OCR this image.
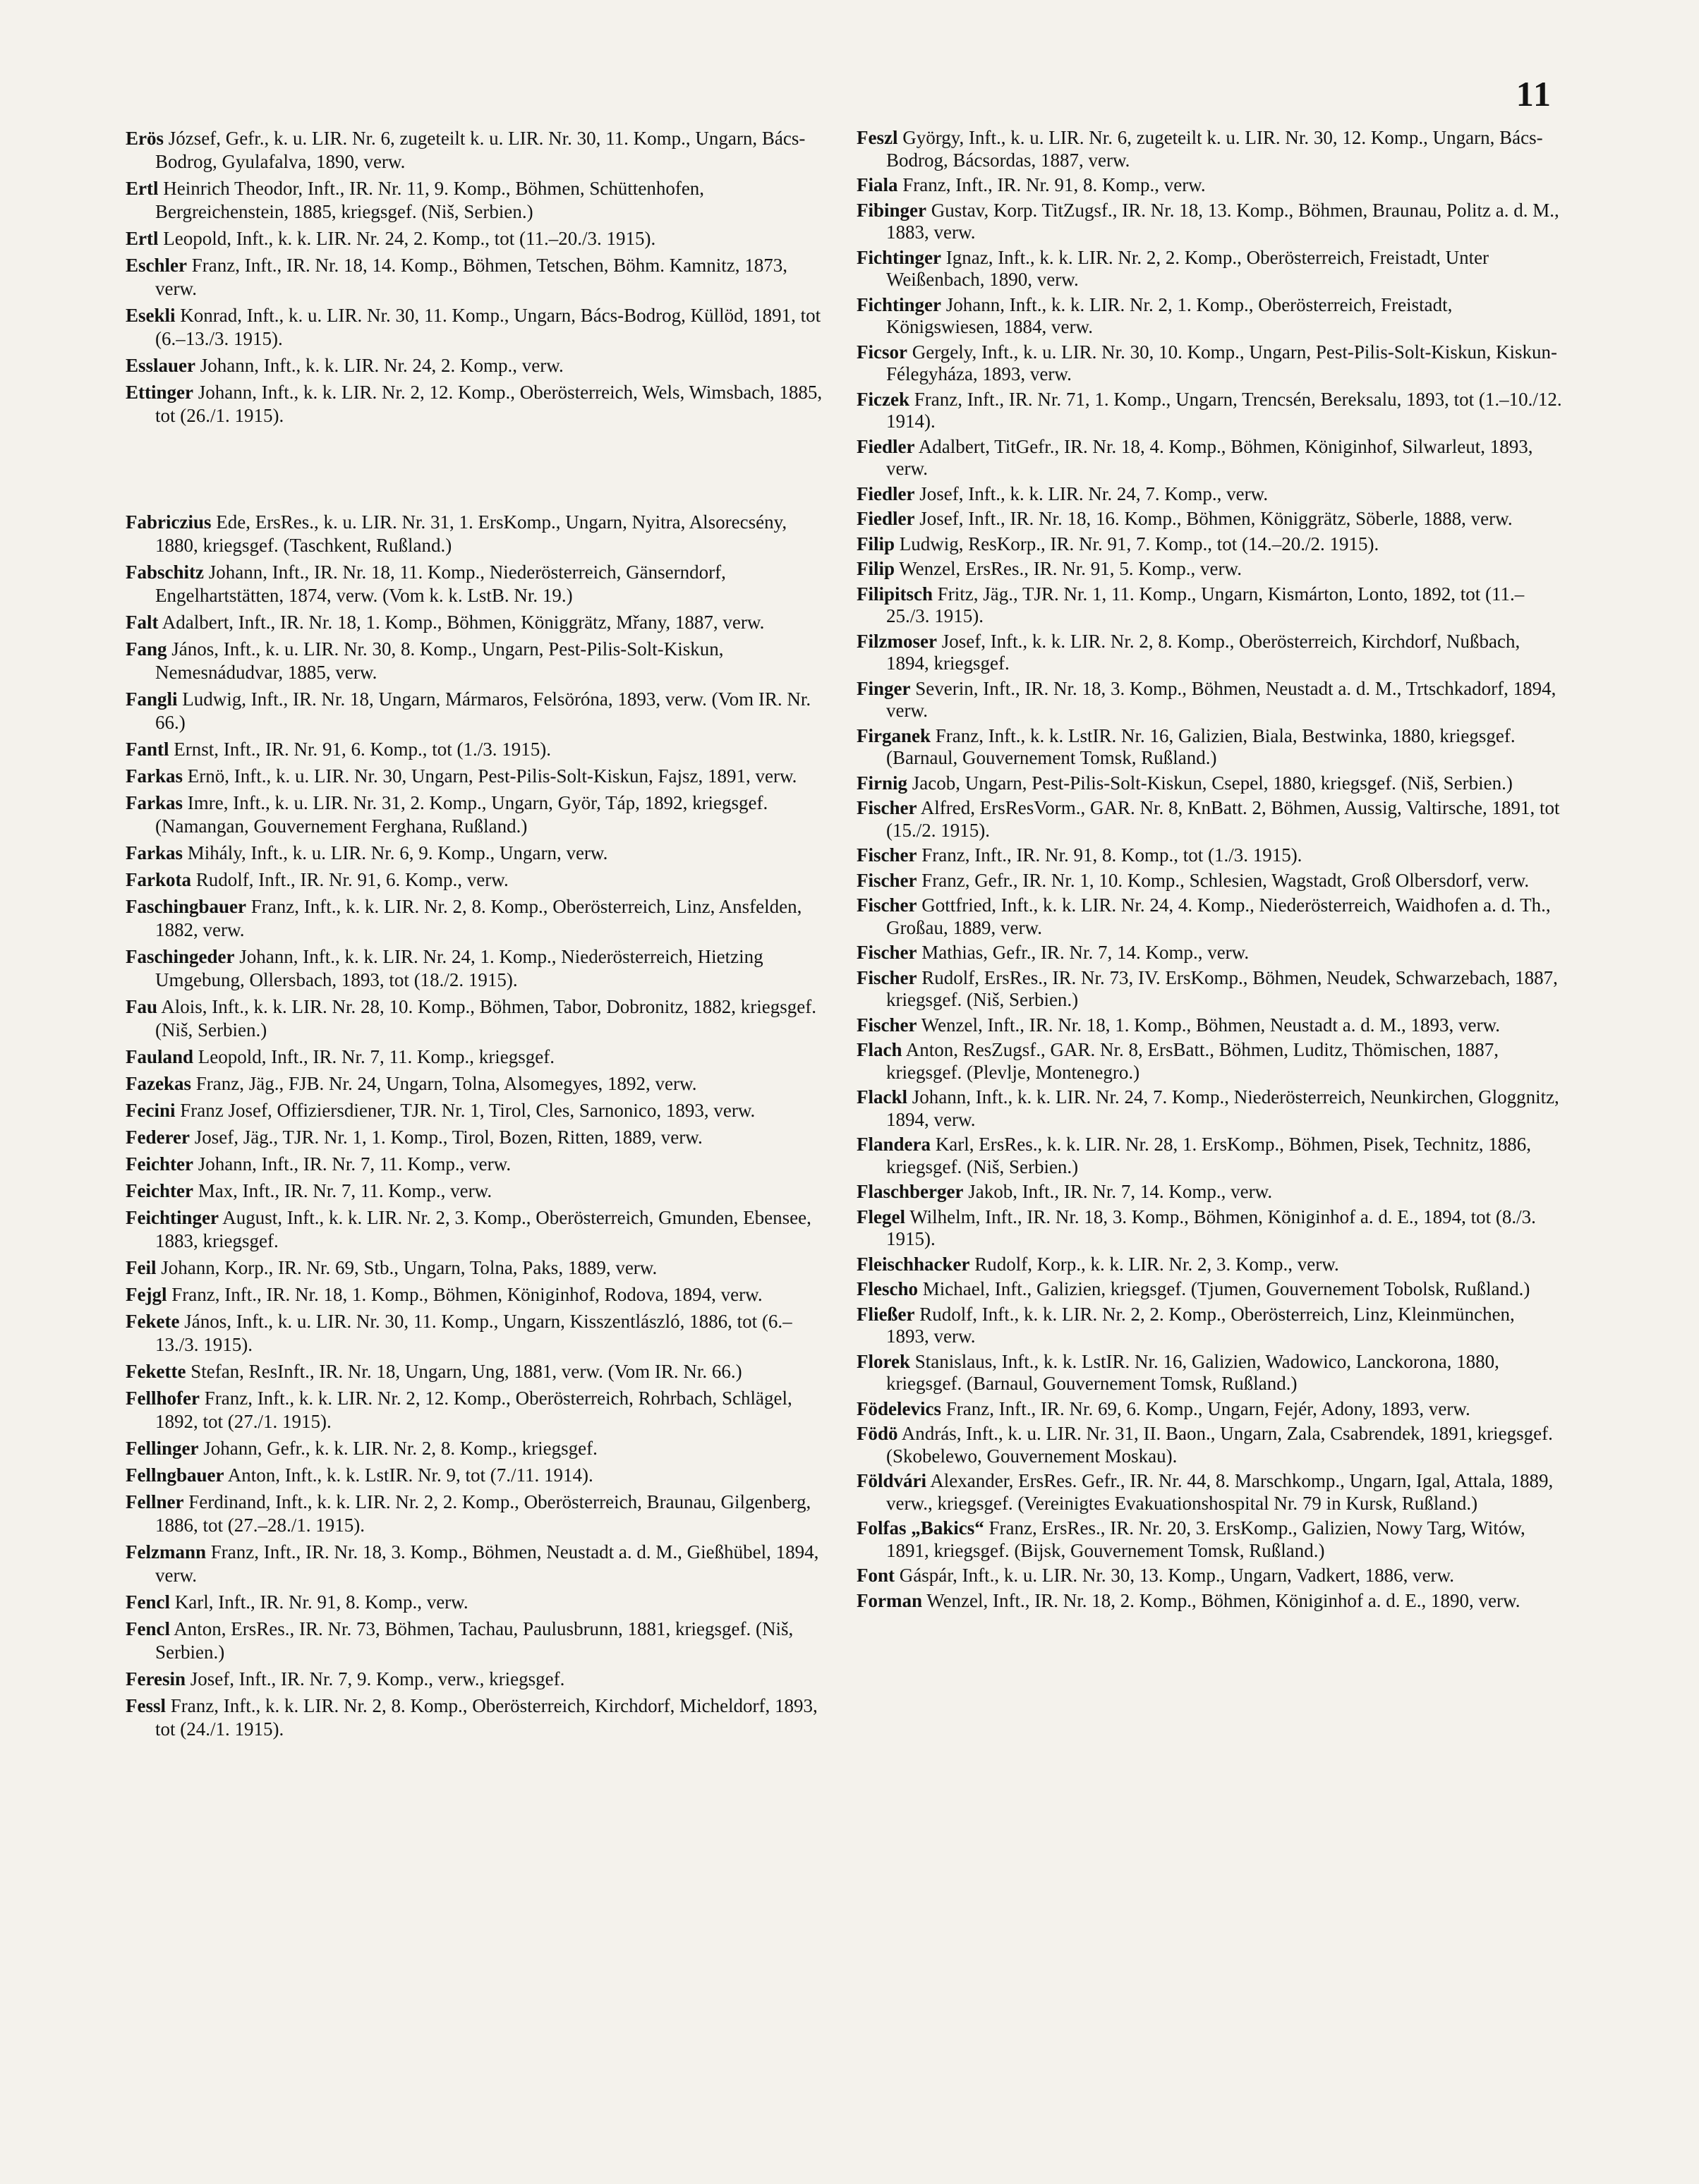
11

Erös József, Gefr., k. u. LIR. Nr. 6, zugeteilt k. u. LIR. Nr. 30, 11. Komp., Ungarn, Bács-Bodrog, Gyulafalva, 1890, verw.

Ertl Heinrich Theodor, Inft., IR. Nr. 11, 9. Komp., Böhmen, Schüttenhofen, Bergreichenstein, 1885, kriegsgef. (Niš, Serbien.)

Ertl Leopold, Inft., k. k. LIR. Nr. 24, 2. Komp., tot (11.–20./3. 1915).

Eschler Franz, Inft., IR. Nr. 18, 14. Komp., Böhmen, Tetschen, Böhm. Kamnitz, 1873, verw.

Esekli Konrad, Inft., k. u. LIR. Nr. 30, 11. Komp., Ungarn, Bács-Bodrog, Küllöd, 1891, tot (6.–13./3. 1915).

Esslauer Johann, Inft., k. k. LIR. Nr. 24, 2. Komp., verw.

Ettinger Johann, Inft., k. k. LIR. Nr. 2, 12. Komp., Oberösterreich, Wels, Wimsbach, 1885, tot (26./1. 1915).

Fabriczius Ede, ErsRes., k. u. LIR. Nr. 31, 1. ErsKomp., Ungarn, Nyitra, Alsorecsény, 1880, kriegsgef. (Taschkent, Rußland.)

Fabschitz Johann, Inft., IR. Nr. 18, 11. Komp., Niederösterreich, Gänserndorf, Engelhartstätten, 1874, verw. (Vom k. k. LstB. Nr. 19.)

Falt Adalbert, Inft., IR. Nr. 18, 1. Komp., Böhmen, Königgrätz, Mřany, 1887, verw.

Fang János, Inft., k. u. LIR. Nr. 30, 8. Komp., Ungarn, Pest-Pilis-Solt-Kiskun, Nemesnádudvar, 1885, verw.

Fangli Ludwig, Inft., IR. Nr. 18, Ungarn, Mármaros, Felsöróna, 1893, verw. (Vom IR. Nr. 66.)

Fantl Ernst, Inft., IR. Nr. 91, 6. Komp., tot (1./3. 1915).

Farkas Ernö, Inft., k. u. LIR. Nr. 30, Ungarn, Pest-Pilis-Solt-Kiskun, Fajsz, 1891, verw.

Farkas Imre, Inft., k. u. LIR. Nr. 31, 2. Komp., Ungarn, Györ, Táp, 1892, kriegsgef. (Namangan, Gouvernement Ferghana, Rußland.)

Farkas Mihály, Inft., k. u. LIR. Nr. 6, 9. Komp., Ungarn, verw.

Farkota Rudolf, Inft., IR. Nr. 91, 6. Komp., verw.

Faschingbauer Franz, Inft., k. k. LIR. Nr. 2, 8. Komp., Oberösterreich, Linz, Ansfelden, 1882, verw.

Faschingeder Johann, Inft., k. k. LIR. Nr. 24, 1. Komp., Niederösterreich, Hietzing Umgebung, Ollersbach, 1893, tot (18./2. 1915).

Fau Alois, Inft., k. k. LIR. Nr. 28, 10. Komp., Böhmen, Tabor, Dobronitz, 1882, kriegsgef. (Niš, Serbien.)

Fauland Leopold, Inft., IR. Nr. 7, 11. Komp., kriegsgef.

Fazekas Franz, Jäg., FJB. Nr. 24, Ungarn, Tolna, Alsomegyes, 1892, verw.

Fecini Franz Josef, Offiziersdiener, TJR. Nr. 1, Tirol, Cles, Sarnonico, 1893, verw.

Federer Josef, Jäg., TJR. Nr. 1, 1. Komp., Tirol, Bozen, Ritten, 1889, verw.

Feichter Johann, Inft., IR. Nr. 7, 11. Komp., verw.

Feichter Max, Inft., IR. Nr. 7, 11. Komp., verw.

Feichtinger August, Inft., k. k. LIR. Nr. 2, 3. Komp., Oberösterreich, Gmunden, Ebensee, 1883, kriegsgef.

Feil Johann, Korp., IR. Nr. 69, Stb., Ungarn, Tolna, Paks, 1889, verw.

Fejgl Franz, Inft., IR. Nr. 18, 1. Komp., Böhmen, Königinhof, Rodova, 1894, verw.

Fekete János, Inft., k. u. LIR. Nr. 30, 11. Komp., Ungarn, Kisszentlászló, 1886, tot (6.–13./3. 1915).

Fekette Stefan, ResInft., IR. Nr. 18, Ungarn, Ung, 1881, verw. (Vom IR. Nr. 66.)

Fellhofer Franz, Inft., k. k. LIR. Nr. 2, 12. Komp., Oberösterreich, Rohrbach, Schlägel, 1892, tot (27./1. 1915).

Fellinger Johann, Gefr., k. k. LIR. Nr. 2, 8. Komp., kriegsgef.

Fellngbauer Anton, Inft., k. k. LstIR. Nr. 9, tot (7./11. 1914).

Fellner Ferdinand, Inft., k. k. LIR. Nr. 2, 2. Komp., Oberösterreich, Braunau, Gilgenberg, 1886, tot (27.–28./1. 1915).

Felzmann Franz, Inft., IR. Nr. 18, 3. Komp., Böhmen, Neustadt a. d. M., Gießhübel, 1894, verw.

Fencl Karl, Inft., IR. Nr. 91, 8. Komp., verw.

Fencl Anton, ErsRes., IR. Nr. 73, Böhmen, Tachau, Paulusbrunn, 1881, kriegsgef. (Niš, Serbien.)

Feresin Josef, Inft., IR. Nr. 7, 9. Komp., verw., kriegsgef.

Fessl Franz, Inft., k. k. LIR. Nr. 2, 8. Komp., Oberösterreich, Kirchdorf, Micheldorf, 1893, tot (24./1. 1915).

Feszl György, Inft., k. u. LIR. Nr. 6, zugeteilt k. u. LIR. Nr. 30, 12. Komp., Ungarn, Bács-Bodrog, Bácsordas, 1887, verw.

Fiala Franz, Inft., IR. Nr. 91, 8. Komp., verw.

Fibinger Gustav, Korp. TitZugsf., IR. Nr. 18, 13. Komp., Böhmen, Braunau, Politz a. d. M., 1883, verw.

Fichtinger Ignaz, Inft., k. k. LIR. Nr. 2, 2. Komp., Oberösterreich, Freistadt, Unter Weißenbach, 1890, verw.

Fichtinger Johann, Inft., k. k. LIR. Nr. 2, 1. Komp., Oberösterreich, Freistadt, Königswiesen, 1884, verw.

Ficsor Gergely, Inft., k. u. LIR. Nr. 30, 10. Komp., Ungarn, Pest-Pilis-Solt-Kiskun, Kiskun-Félegyháza, 1893, verw.

Ficzek Franz, Inft., IR. Nr. 71, 1. Komp., Ungarn, Trencsén, Bereksalu, 1893, tot (1.–10./12. 1914).

Fiedler Adalbert, TitGefr., IR. Nr. 18, 4. Komp., Böhmen, Königinhof, Silwarleut, 1893, verw.

Fiedler Josef, Inft., k. k. LIR. Nr. 24, 7. Komp., verw.

Fiedler Josef, Inft., IR. Nr. 18, 16. Komp., Böhmen, Königgrätz, Söberle, 1888, verw.

Filip Ludwig, ResKorp., IR. Nr. 91, 7. Komp., tot (14.–20./2. 1915).

Filip Wenzel, ErsRes., IR. Nr. 91, 5. Komp., verw.

Filipitsch Fritz, Jäg., TJR. Nr. 1, 11. Komp., Ungarn, Kismárton, Lonto, 1892, tot (11.–25./3. 1915).

Filzmoser Josef, Inft., k. k. LIR. Nr. 2, 8. Komp., Oberösterreich, Kirchdorf, Nußbach, 1894, kriegsgef.

Finger Severin, Inft., IR. Nr. 18, 3. Komp., Böhmen, Neustadt a. d. M., Trtschkadorf, 1894, verw.

Firganek Franz, Inft., k. k. LstIR. Nr. 16, Galizien, Biala, Bestwinka, 1880, kriegsgef. (Barnaul, Gouvernement Tomsk, Rußland.)

Firnig Jacob, Ungarn, Pest-Pilis-Solt-Kiskun, Csepel, 1880, kriegsgef. (Niš, Serbien.)

Fischer Alfred, ErsResVorm., GAR. Nr. 8, KnBatt. 2, Böhmen, Aussig, Valtirsche, 1891, tot (15./2. 1915).

Fischer Franz, Inft., IR. Nr. 91, 8. Komp., tot (1./3. 1915).

Fischer Franz, Gefr., IR. Nr. 1, 10. Komp., Schlesien, Wagstadt, Groß Olbersdorf, verw.

Fischer Gottfried, Inft., k. k. LIR. Nr. 24, 4. Komp., Niederösterreich, Waidhofen a. d. Th., Großau, 1889, verw.

Fischer Mathias, Gefr., IR. Nr. 7, 14. Komp., verw.

Fischer Rudolf, ErsRes., IR. Nr. 73, IV. ErsKomp., Böhmen, Neudek, Schwarzebach, 1887, kriegsgef. (Niš, Serbien.)

Fischer Wenzel, Inft., IR. Nr. 18, 1. Komp., Böhmen, Neustadt a. d. M., 1893, verw.

Flach Anton, ResZugsf., GAR. Nr. 8, ErsBatt., Böhmen, Luditz, Thömischen, 1887, kriegsgef. (Plevlje, Montenegro.)

Flackl Johann, Inft., k. k. LIR. Nr. 24, 7. Komp., Niederösterreich, Neunkirchen, Gloggnitz, 1894, verw.

Flandera Karl, ErsRes., k. k. LIR. Nr. 28, 1. ErsKomp., Böhmen, Pisek, Technitz, 1886, kriegsgef. (Niš, Serbien.)

Flaschberger Jakob, Inft., IR. Nr. 7, 14. Komp., verw.

Flegel Wilhelm, Inft., IR. Nr. 18, 3. Komp., Böhmen, Königinhof a. d. E., 1894, tot (8./3. 1915).

Fleischhacker Rudolf, Korp., k. k. LIR. Nr. 2, 3. Komp., verw.

Flescho Michael, Inft., Galizien, kriegsgef. (Tjumen, Gouvernement Tobolsk, Rußland.)

Fließer Rudolf, Inft., k. k. LIR. Nr. 2, 2. Komp., Oberösterreich, Linz, Kleinmünchen, 1893, verw.

Florek Stanislaus, Inft., k. k. LstIR. Nr. 16, Galizien, Wadowico, Lanckorona, 1880, kriegsgef. (Barnaul, Gouvernement Tomsk, Rußland.)

Födelevics Franz, Inft., IR. Nr. 69, 6. Komp., Ungarn, Fejér, Adony, 1893, verw.

Födö András, Inft., k. u. LIR. Nr. 31, II. Baon., Ungarn, Zala, Csabrendek, 1891, kriegsgef. (Skobelewo, Gouvernement Moskau).

Földvári Alexander, ErsRes. Gefr., IR. Nr. 44, 8. Marschkomp., Ungarn, Igal, Attala, 1889, verw., kriegsgef. (Vereinigtes Evakuationshospital Nr. 79 in Kursk, Rußland.)

Folfas „Bakics“ Franz, ErsRes., IR. Nr. 20, 3. ErsKomp., Galizien, Nowy Targ, Witów, 1891, kriegsgef. (Bijsk, Gouvernement Tomsk, Rußland.)

Font Gáspár, Inft., k. u. LIR. Nr. 30, 13. Komp., Ungarn, Vadkert, 1886, verw.

Forman Wenzel, Inft., IR. Nr. 18, 2. Komp., Böhmen, Königinhof a. d. E., 1890, verw.
